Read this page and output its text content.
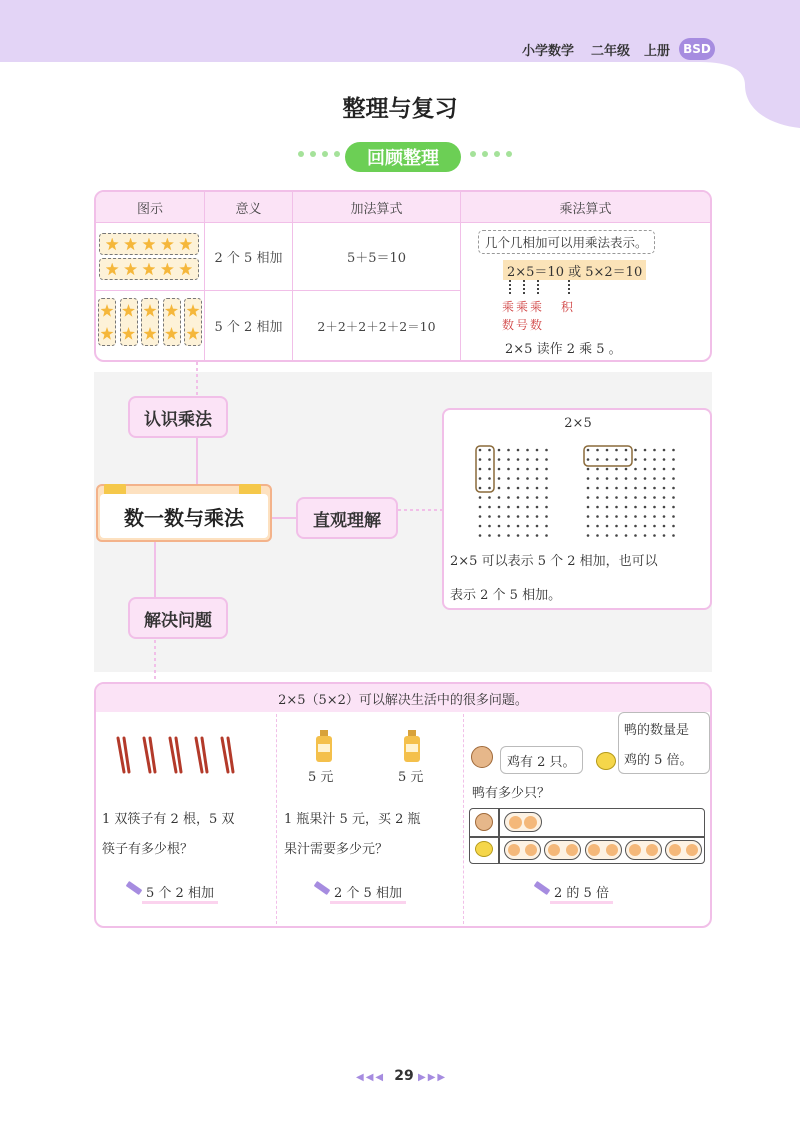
小学数学 二年级 上册	BSD
整理与复习
回顾整理
图示	意义	加法算式	乘法算式
2 个 5 相加	5＋5＝10
5 个 2 相加	2＋2＋2＋2＋2＝10
几个几相加可以用乘法表示。
2×5＝10 或 5×2＝10
乘 乘 乘 积
数 号 数
2×5 读作 2 乘 5 。
认识乘法
数一数与乘法	直观理解
解决问题
2×5
2×5 可以表示 5 个 2 相加，也可以
表示 2 个 5 相加。
2×5（5×2）可以解决生活中的很多问题。
1 双筷子有 2 根，5 双
筷子有多少根？
5 个 2 相加
5 元	5 元
1 瓶果汁 5 元，买 2 瓶
果汁需要多少元？
2 个 5 相加
鸡有 2 只。
鸭的数量是
鸡的 5 倍。
鸭有多少只？
2 的 5 倍
◀◀◀ 29 ▶▶▶
